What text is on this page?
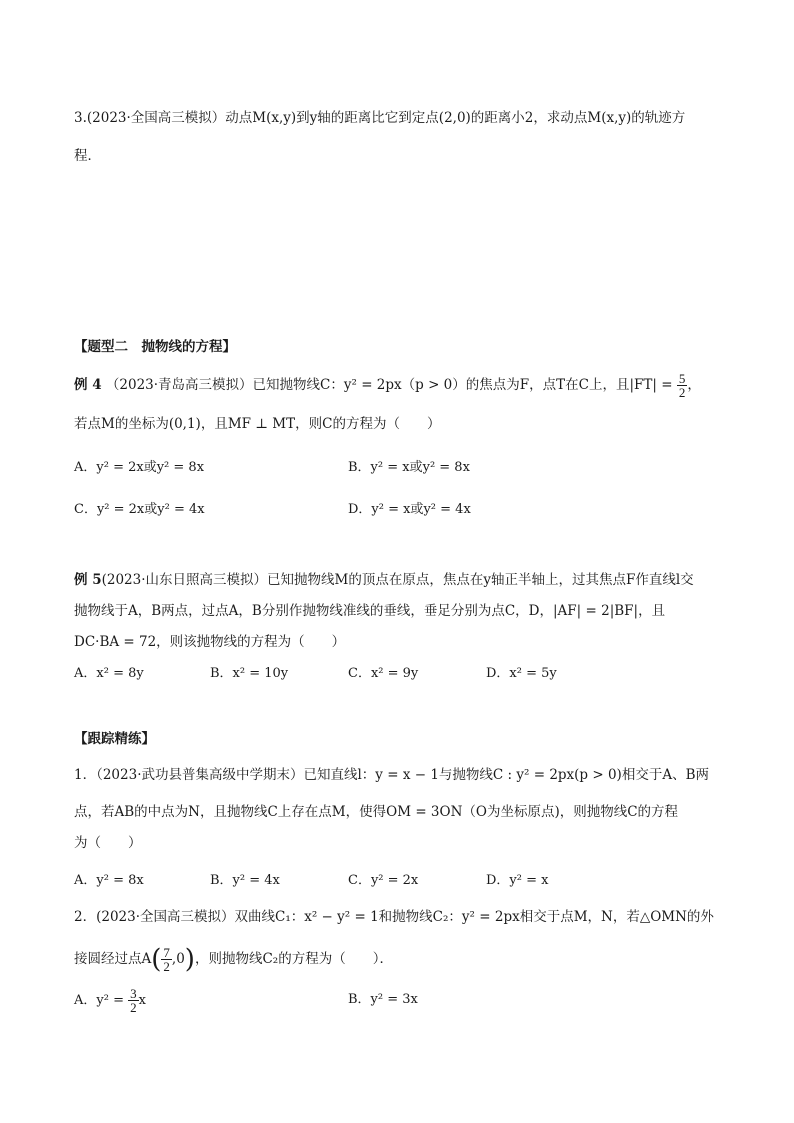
3.(2023·全国高三模拟）动点M(x,y)到y轴的距离比它到定点(2,0)的距离小2，求动点M(x,y)的轨迹方
程．
【题型二　抛物线的方程】
例 4 （2023·青岛高三模拟）已知抛物线C：y² = 2px（p > 0）的焦点为F，点T在C上，且$|FT| = \frac{5}{2}$ ，
若点M的坐标为(0,1)，且MF ⊥ MT，则C的方程为（　　）
A．y² = 2x或y² = 8x	B．y² = x或y² = 8x
C．y² = 2x或y² = 4x	D．y² = x或y² = 4x
例 5(2023·山东日照高三模拟）已知抛物线M的顶点在原点，焦点在y轴正半轴上，过其焦点F作直线l交
抛物线于A，B两点，过点A，B分别作抛物线准线的垂线，垂足分别为点C，D，|AF| = 2|BF|，且
DC·BA = 72，则该抛物线的方程为（　　）
A．x² = 8y	B．x² = 10y	C．x² = 9y	D．x² = 5y
【跟踪精练】
1．（2023·武功县普集高级中学期末）已知直线l：y = x − 1与抛物线C : y² = 2px(p > 0)相交于A、B两
点，若AB的中点为N，且抛物线C上存在点M，使得OM = 3ON（O为坐标原点)，则抛物线C的方程
为（　　）
A．y² = 8x	B．y² = 4x	C．y² = 2x	D．y² = x
2．(2023·全国高三模拟）双曲线C₁：x² − y² = 1和抛物线C₂：y² = 2px相交于点M，N，若△OMN的外
接圆经过点$A( \frac{7}{2} ,0)$，则抛物线C₂的方程为（　　）．
A．$y^2 = \frac{3}{2}$ x	B．y² = 3x
